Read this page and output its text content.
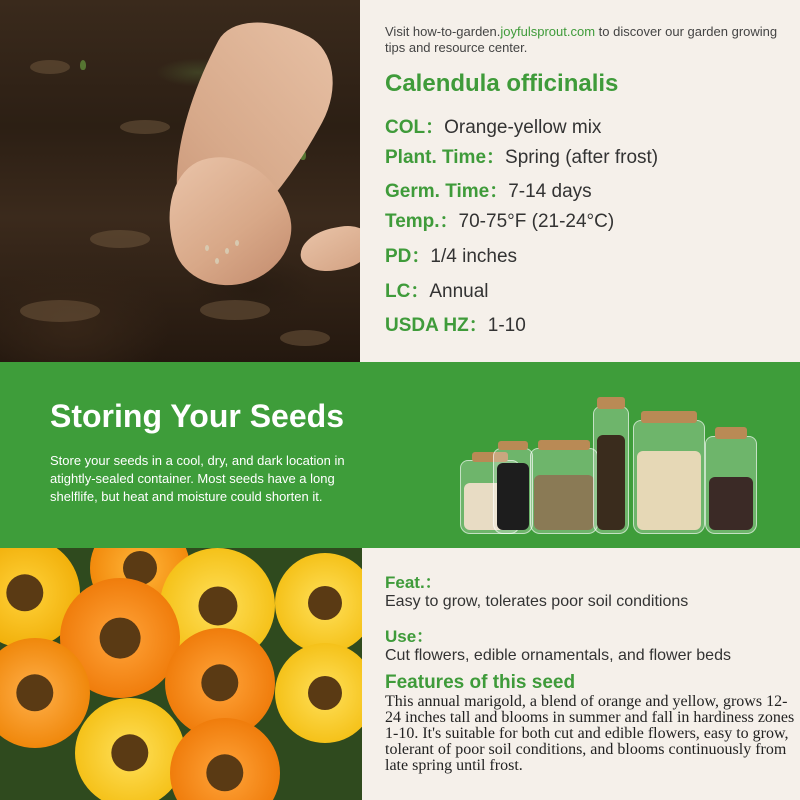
Visit how-to-garden.joyfulsprout.com to discover our garden growing tips and resource center.
Calendula officinalis
COL：Orange-yellow mix
Plant. Time：Spring (after frost)
Germ. Time：7-14 days
Temp.：70-75°F (21-24°C)
PD：1/4 inches
LC：Annual
USDA HZ：1-10
Storing Your Seeds
Store your seeds in a cool, dry, and dark location in atightly-sealed container. Most seeds have a long shelflife, but heat and moisture could shorten it.
Feat.：
Easy to grow, tolerates poor soil conditions
Use：
Cut flowers, edible ornamentals, and flower beds
Features of this seed
This annual marigold, a blend of orange and yellow, grows 12-24 inches tall and blooms in summer and fall in hardiness zones 1-10. It's suitable for both cut and edible flowers, easy to grow, tolerant of poor soil conditions, and blooms continuously from late spring until frost.
